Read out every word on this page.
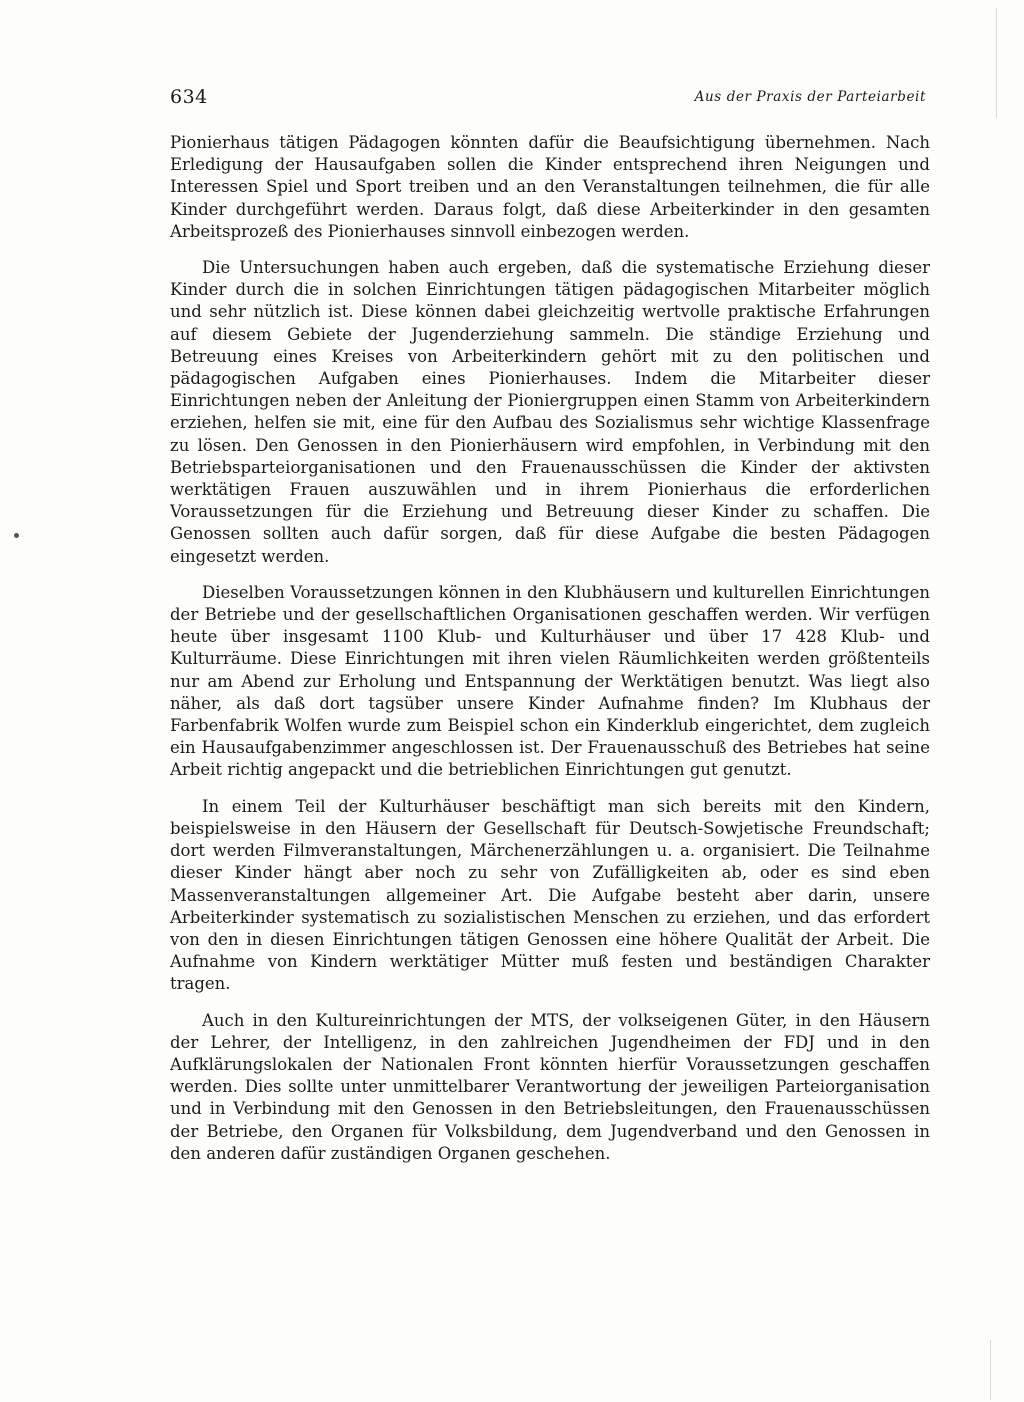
634	Aus der Praxis der Parteiarbeit

Pionierhaus tätigen Pädagogen könnten dafür die Beaufsichtigung übernehmen. Nach Erledigung der Hausaufgaben sollen die Kinder entsprechend ihren Neigungen und Interessen Spiel und Sport treiben und an den Veranstaltungen teilnehmen, die für alle Kinder durchgeführt werden. Daraus folgt, daß diese Arbeiterkinder in den gesamten Arbeitsprozeß des Pionierhauses sinnvoll einbezogen werden.

Die Untersuchungen haben auch ergeben, daß die systematische Erziehung dieser Kinder durch die in solchen Einrichtungen tätigen pädagogischen Mitarbeiter möglich und sehr nützlich ist. Diese können dabei gleichzeitig wertvolle praktische Erfahrungen auf diesem Gebiete der Jugenderziehung sammeln. Die ständige Erziehung und Betreuung eines Kreises von Arbeiterkindern gehört mit zu den politischen und pädagogischen Aufgaben eines Pionierhauses. Indem die Mitarbeiter dieser Einrichtungen neben der Anleitung der Pioniergruppen einen Stamm von Arbeiterkindern erziehen, helfen sie mit, eine für den Aufbau des Sozialismus sehr wichtige Klassenfrage zu lösen. Den Genossen in den Pionierhäusern wird empfohlen, in Verbindung mit den Betriebsparteiorganisationen und den Frauenausschüssen die Kinder der aktivsten werktätigen Frauen auszuwählen und in ihrem Pionierhaus die erforderlichen Voraussetzungen für die Erziehung und Betreuung dieser Kinder zu schaffen. Die Genossen sollten auch dafür sorgen, daß für diese Aufgabe die besten Pädagogen eingesetzt werden.

Dieselben Voraussetzungen können in den Klubhäusern und kulturellen Einrichtungen der Betriebe und der gesellschaftlichen Organisationen geschaffen werden. Wir verfügen heute über insgesamt 1100 Klub- und Kulturhäuser und über 17 428 Klub- und Kulturräume. Diese Einrichtungen mit ihren vielen Räumlichkeiten werden größtenteils nur am Abend zur Erholung und Entspannung der Werktätigen benutzt. Was liegt also näher, als daß dort tagsüber unsere Kinder Aufnahme finden? Im Klubhaus der Farbenfabrik Wolfen wurde zum Beispiel schon ein Kinderklub eingerichtet, dem zugleich ein Hausaufgabenzimmer angeschlossen ist. Der Frauenausschuß des Betriebes hat seine Arbeit richtig angepackt und die betrieblichen Einrichtungen gut genutzt.

In einem Teil der Kulturhäuser beschäftigt man sich bereits mit den Kindern, beispielsweise in den Häusern der Gesellschaft für Deutsch-Sowjetische Freundschaft; dort werden Filmveranstaltungen, Märchenerzählungen u. a. organisiert. Die Teilnahme dieser Kinder hängt aber noch zu sehr von Zufälligkeiten ab, oder es sind eben Massenveranstaltungen allgemeiner Art. Die Aufgabe besteht aber darin, unsere Arbeiterkinder systematisch zu sozialistischen Menschen zu erziehen, und das erfordert von den in diesen Einrichtungen tätigen Genossen eine höhere Qualität der Arbeit. Die Aufnahme von Kindern werktätiger Mütter muß festen und beständigen Charakter tragen.

Auch in den Kultureinrichtungen der MTS, der volkseigenen Güter, in den Häusern der Lehrer, der Intelligenz, in den zahlreichen Jugendheimen der FDJ und in den Aufklärungslokalen der Nationalen Front könnten hierfür Voraussetzungen geschaffen werden. Dies sollte unter unmittelbarer Verantwortung der jeweiligen Parteiorganisation und in Verbindung mit den Genossen in den Betriebsleitungen, den Frauenausschüssen der Betriebe, den Organen für Volksbildung, dem Jugendverband und den Genossen in den anderen dafür zuständigen Organen geschehen.
